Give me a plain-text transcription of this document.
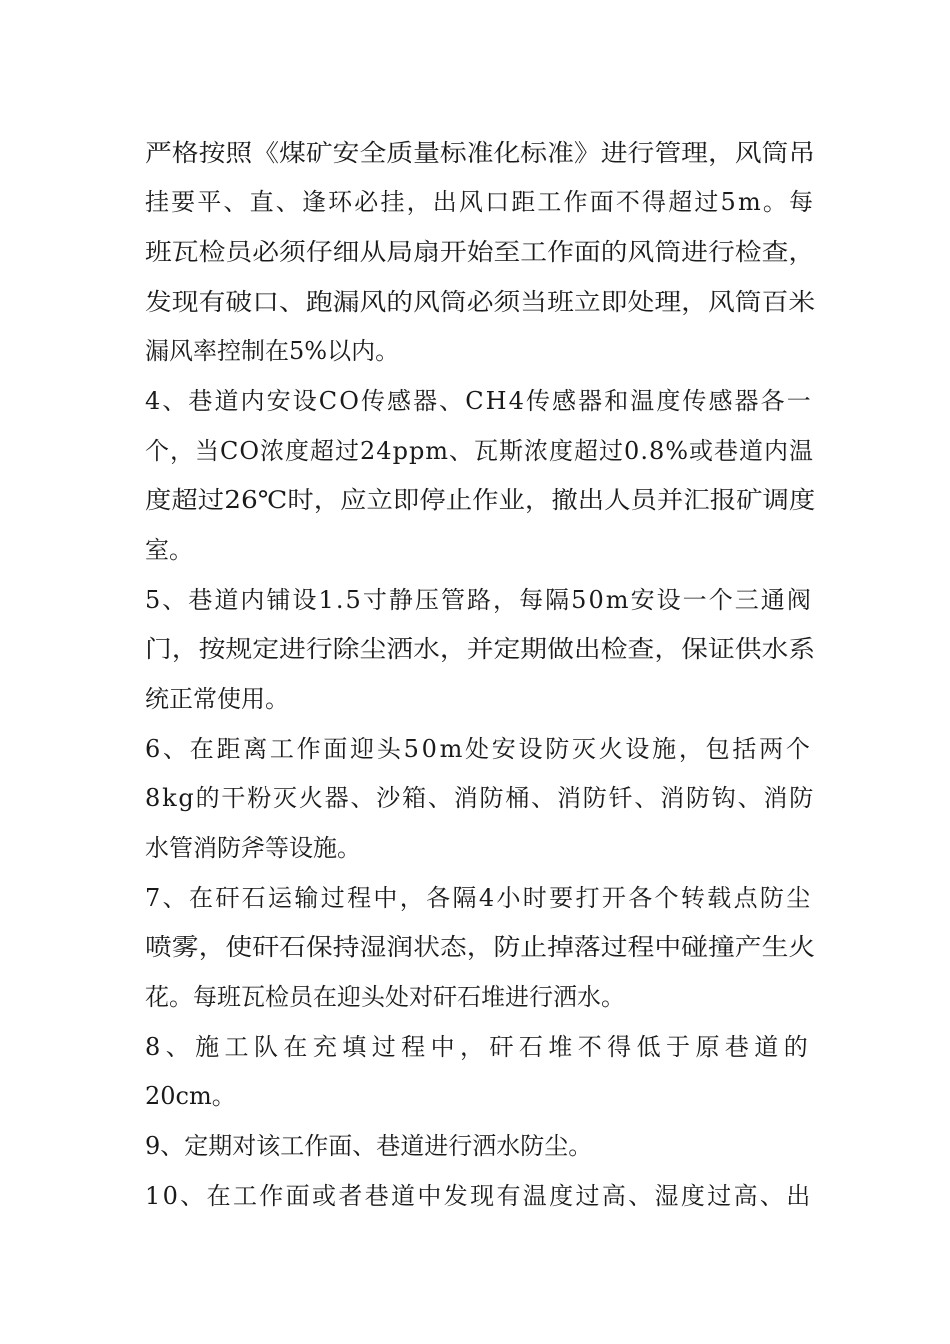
严格按照《煤矿安全质量标准化标准》进行管理，风筒吊
挂要平、直、逢环必挂，出风口距工作面不得超过5m。每
班瓦检员必须仔细从局扇开始至工作面的风筒进行检查，
发现有破口、跑漏风的风筒必须当班立即处理，风筒百米
漏风率控制在5%以内。
4、巷道内安设CO传感器、CH4传感器和温度传感器各一
个，当CO浓度超过24ppm、瓦斯浓度超过0.8%或巷道内温
度超过26℃时，应立即停止作业，撤出人员并汇报矿调度
室。
5、巷道内铺设1.5寸静压管路，每隔50m安设一个三通阀
门，按规定进行除尘洒水，并定期做出检查，保证供水系
统正常使用。
6、在距离工作面迎头50m处安设防灭火设施，包括两个
8kg的干粉灭火器、沙箱、消防桶、消防钎、消防钩、消防
水管消防斧等设施。
7、在矸石运输过程中，各隔4小时要打开各个转载点防尘
喷雾，使矸石保持湿润状态，防止掉落过程中碰撞产生火
花。每班瓦检员在迎头处对矸石堆进行洒水。
8、施工队在充填过程中，矸石堆不得低于原巷道的
20cm。
9、定期对该工作面、巷道进行洒水防尘。
10、在工作面或者巷道中发现有温度过高、湿度过高、出
